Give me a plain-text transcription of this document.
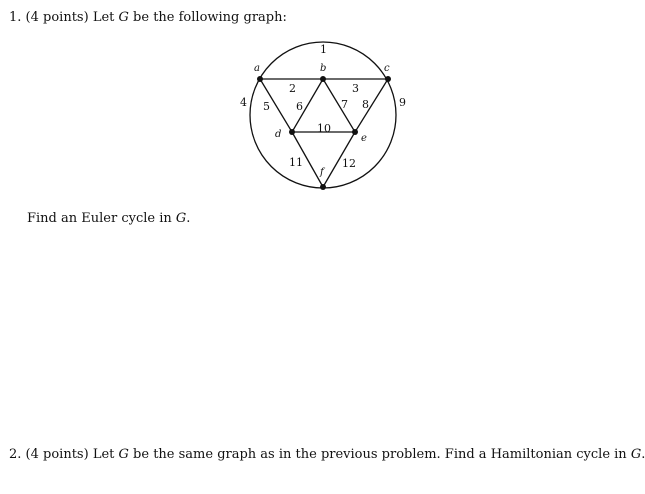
1. (4 points) Let G be the following graph:
a	b	c
d	e
f
1
2	3
4 5 6	7 8	9
10
11	12
Find an Euler cycle in G.
2. (4 points) Let G be the same graph as in the previous problem. Find a Hamiltonian cycle in G.
